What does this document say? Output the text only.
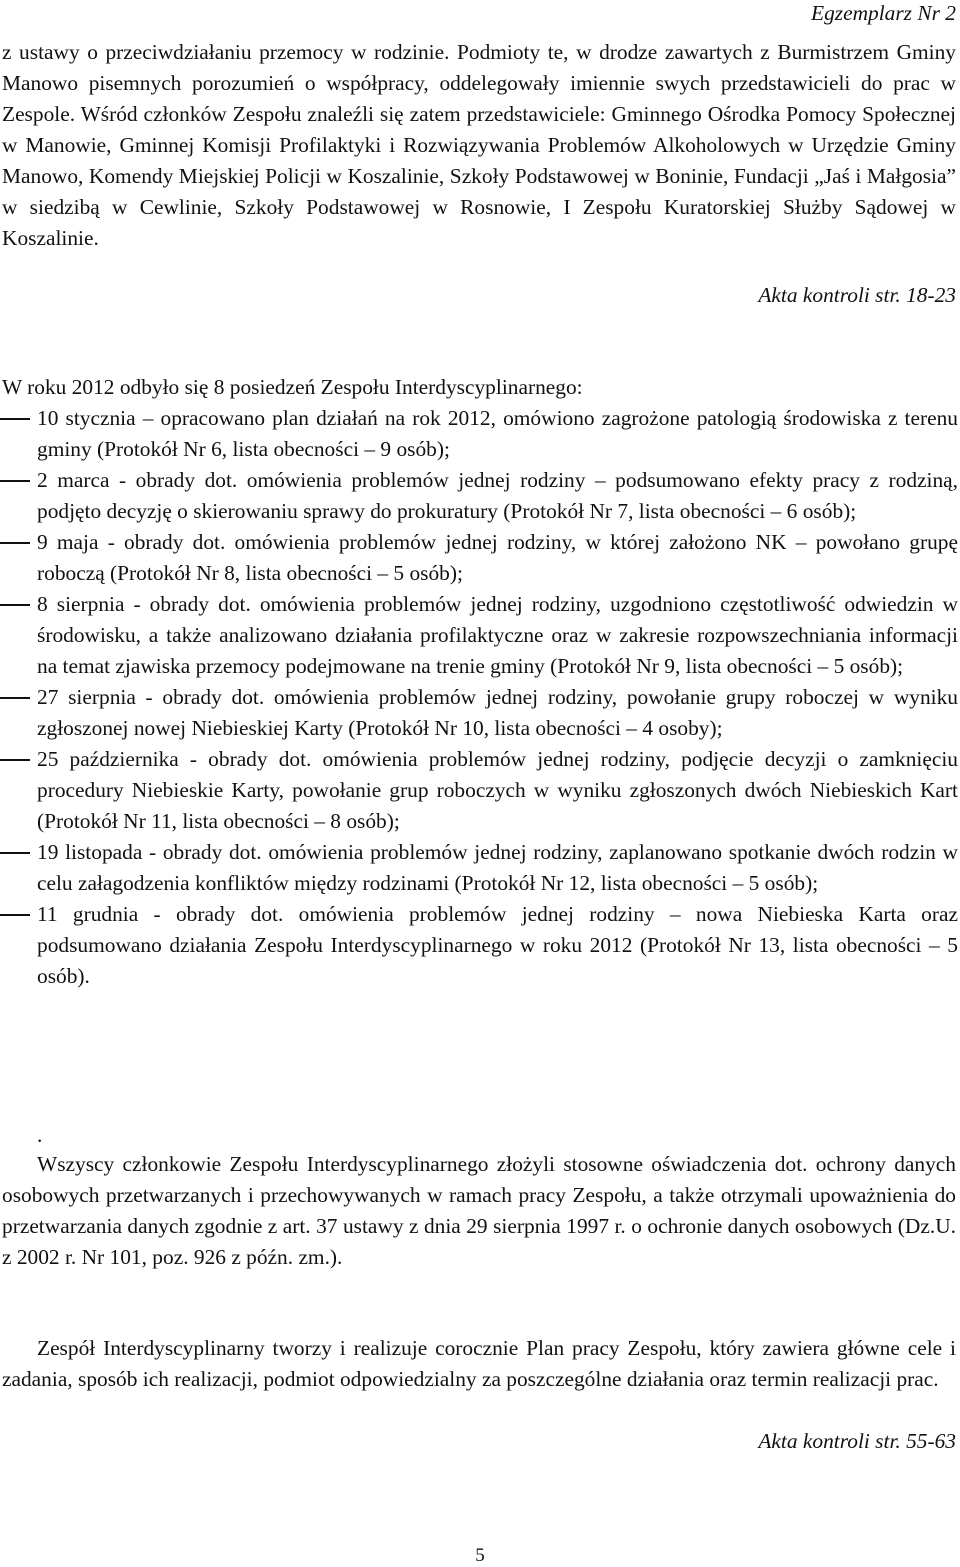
Egzemplarz Nr 2
z ustawy o przeciwdziałaniu przemocy w rodzinie. Podmioty te, w drodze zawartych z Burmistrzem Gminy Manowo pisemnych porozumień o współpracy, oddelegowały imiennie swych przedstawicieli do prac w Zespole. Wśród członków Zespołu znaleźli się zatem przedstawiciele: Gminnego Ośrodka Pomocy Społecznej w Manowie, Gminnej Komisji Profilaktyki i Rozwiązywania Problemów Alkoholowych w Urzędzie Gminy Manowo, Komendy Miejskiej Policji w Koszalinie, Szkoły Podstawowej w Boninie, Fundacji „Jaś i Małgosia” w siedzibą w Cewlinie, Szkoły Podstawowej w Rosnowie, I Zespołu Kuratorskiej Służby Sądowej w Koszalinie.
Akta kontroli str. 18-23
W roku 2012 odbyło się 8 posiedzeń Zespołu Interdyscyplinarnego:
10 stycznia – opracowano plan działań na rok 2012, omówiono zagrożone patologią środowiska z terenu gminy (Protokół Nr 6, lista obecności – 9 osób);
2 marca - obrady dot. omówienia problemów jednej rodziny – podsumowano efekty pracy z rodziną, podjęto decyzję o skierowaniu sprawy do prokuratury (Protokół Nr 7, lista obecności – 6 osób);
9 maja - obrady dot. omówienia problemów jednej rodziny, w której założono NK – powołano grupę roboczą (Protokół Nr 8, lista obecności – 5 osób);
8 sierpnia - obrady dot. omówienia problemów jednej rodziny, uzgodniono częstotliwość odwiedzin w środowisku, a także analizowano działania profilaktyczne oraz w zakresie rozpowszechniania informacji na temat zjawiska przemocy podejmowane na trenie gminy (Protokół Nr 9, lista obecności – 5 osób);
27 sierpnia - obrady dot. omówienia problemów jednej rodziny, powołanie grupy roboczej w wyniku zgłoszonej nowej Niebieskiej Karty (Protokół Nr 10, lista obecności – 4 osoby);
25 października - obrady dot. omówienia problemów jednej rodziny, podjęcie decyzji o zamknięciu procedury Niebieskie Karty, powołanie grup roboczych w wyniku zgłoszonych dwóch Niebieskich Kart (Protokół Nr 11, lista obecności – 8 osób);
19 listopada - obrady dot. omówienia problemów jednej rodziny, zaplanowano spotkanie dwóch rodzin w celu załagodzenia konfliktów między rodzinami (Protokół Nr 12, lista obecności – 5 osób);
11 grudnia - obrady dot. omówienia problemów jednej rodziny – nowa Niebieska Karta oraz podsumowano działania Zespołu Interdyscyplinarnego w roku 2012 (Protokół Nr 13, lista obecności – 5 osób).
.
Wszyscy członkowie Zespołu Interdyscyplinarnego złożyli stosowne oświadczenia dot. ochrony danych osobowych przetwarzanych i przechowywanych w ramach pracy Zespołu, a także otrzymali upoważnienia do przetwarzania danych zgodnie z art. 37 ustawy z dnia 29 sierpnia 1997 r. o ochronie danych osobowych (Dz.U. z 2002 r. Nr 101, poz. 926 z późn. zm.).
Zespół Interdyscyplinarny tworzy i realizuje corocznie Plan pracy Zespołu, który zawiera główne cele i zadania, sposób ich realizacji, podmiot odpowiedzialny za poszczególne działania oraz termin realizacji prac.
Akta kontroli str. 55-63
5
